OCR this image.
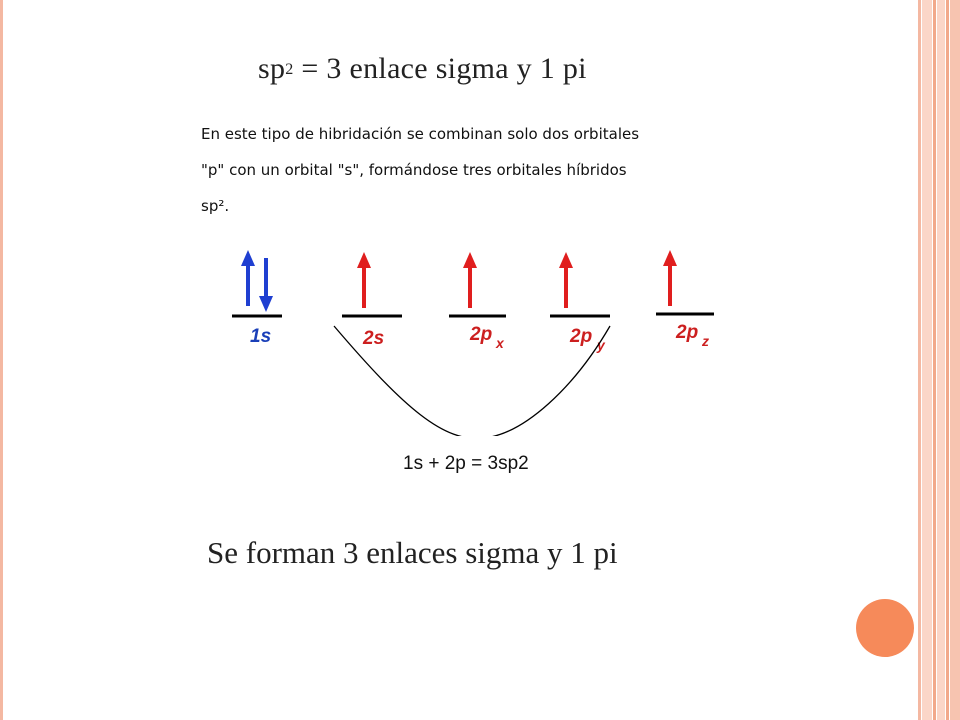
$sp^2 = 3$ enlace sigma y 1 pi
En este tipo de hibridación se combinan solo dos orbitales
"p" con un orbital "s", formándose tres orbitales híbridos
sp².
1s	2s	2p x	2p y
2p z
1s + 2p = 3sp2
Se forman 3 enlaces sigma y 1 pi
